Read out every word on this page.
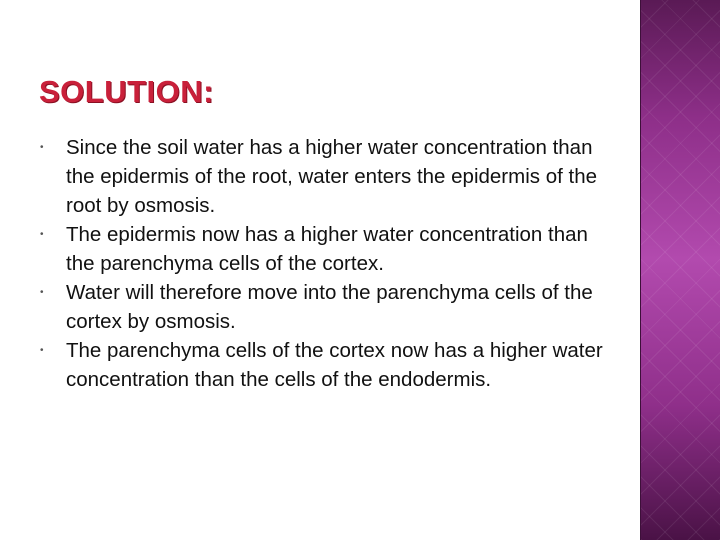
SOLUTION:
• Since the soil water has a higher water concentration than the epidermis of the root, water enters the epidermis of the root by osmosis.
• The epidermis now has a higher water concentration than the parenchyma cells of the cortex.
• Water will therefore move into the parenchyma cells of the cortex by osmosis.
• The parenchyma cells of the cortex now has a higher water concentration than the cells of the endodermis.
